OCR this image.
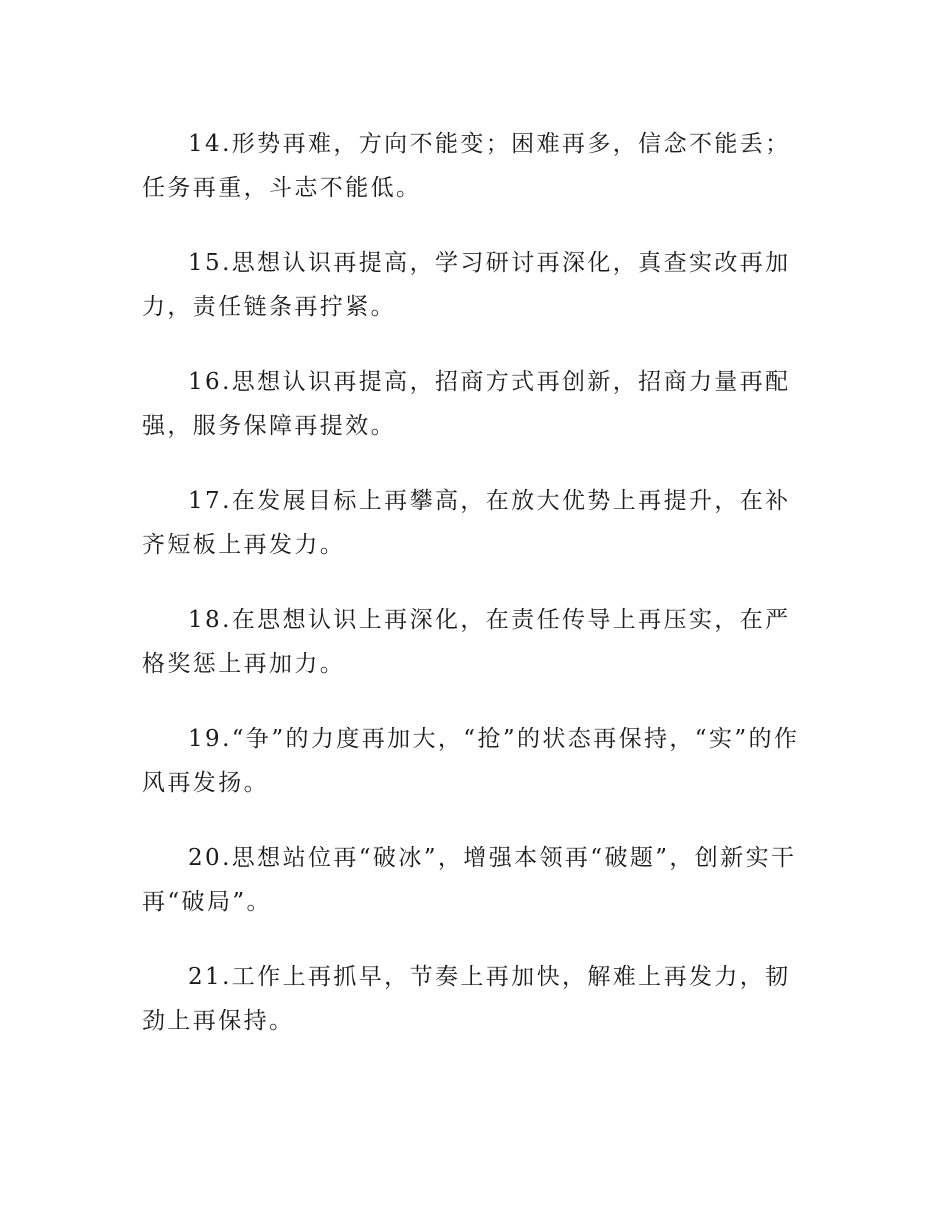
14.形势再难，方向不能变；困难再多，信念不能丢；任务再重，斗志不能低。

15.思想认识再提高，学习研讨再深化，真查实改再加力，责任链条再拧紧。

16.思想认识再提高，招商方式再创新，招商力量再配强，服务保障再提效。

17.在发展目标上再攀高，在放大优势上再提升，在补齐短板上再发力。

18.在思想认识上再深化，在责任传导上再压实，在严格奖惩上再加力。

19.“争”的力度再加大，“抢”的状态再保持，“实”的作风再发扬。

20.思想站位再“破冰”，增强本领再“破题”，创新实干再“破局”。

21.工作上再抓早，节奏上再加快，解难上再发力，韧劲上再保持。
